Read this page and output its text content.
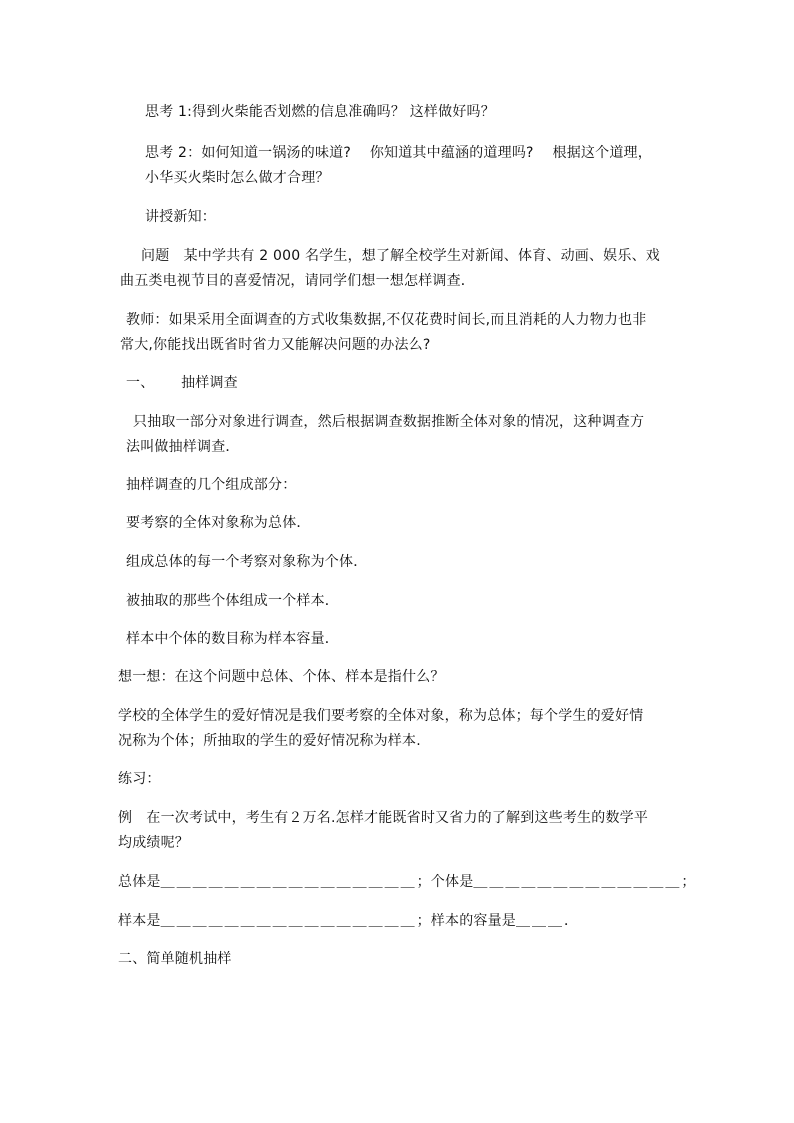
思考 1:得到火柴能否划燃的信息准确吗？ 这样做好吗？
思考 2：如何知道一锅汤的味道?　 你知道其中蕴涵的道理吗?　 根据这个道理，
小华买火柴时怎么做才合理？
讲授新知：
问题　某中学共有 2 000 名学生，想了解全校学生对新闻、体育、动画、娱乐、戏
曲五类电视节目的喜爱情况，请同学们想一想怎样调查．
教师：如果采用全面调查的方式收集数据,不仅花费时间长,而且消耗的人力物力也非
常大,你能找出既省时省力又能解决问题的办法么?
一、 抽样调查
只抽取一部分对象进行调查，然后根据调查数据推断全体对象的情况，这种调查方
法叫做抽样调查．
抽样调查的几个组成部分：
要考察的全体对象称为总体．
组成总体的每一个考察对象称为个体．
被抽取的那些个体组成一个样本．
样本中个体的数目称为样本容量．
想一想：在这个问题中总体、个体、样本是指什么？
学校的全体学生的爱好情况是我们要考察的全体对象，称为总体；每个学生的爱好情
况称为个体；所抽取的学生的爱好情况称为样本.
练习：
例　在一次考试中，考生有２万名.怎样才能既省时又省力的了解到这些考生的数学平
均成绩呢？
总体是＿＿＿＿＿＿＿＿＿＿＿＿＿＿＿＿；个体是＿＿＿＿＿＿＿＿＿＿＿＿＿；
样本是＿＿＿＿＿＿＿＿＿＿＿＿＿＿＿＿；样本的容量是＿＿＿．
二、简单随机抽样
